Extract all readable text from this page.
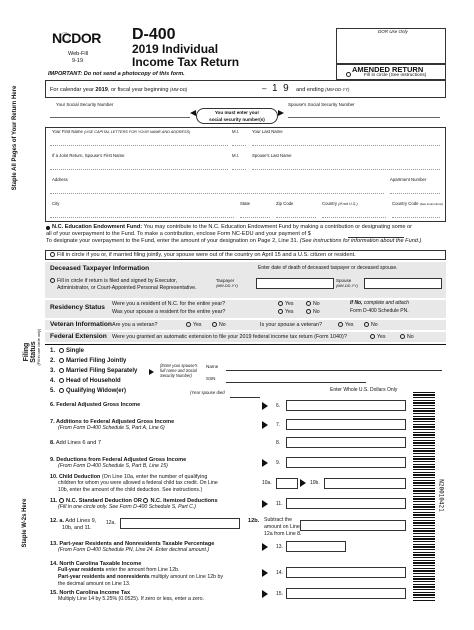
NCDOR
Web-Fill
9-19
D-400
2019 Individual
Income Tax Return
DOR Use Only
AMENDED RETURN
Fill in circle (See instructions)
IMPORTANT: Do not send a photocopy of this form.
Staple All Pages of Your Return Here
Staple W-2s Here
Filing Status (Fill in one circle only)
For calendar year 2019, or fiscal year beginning (MM-DD)	– 1  9 and ending (MM-DD-YY)
Your Social Security Number	Spouse's Social Security Number
You must enter your
social security number(s)
Your First Name (USE CAPITAL LETTERS FOR YOUR NAME AND ADDRESS)	M.I.	Your Last Name
If a Joint Return, Spouse's First Name	M.I.	Spouse's Last Name
Address	Apartment Number
City	State	Zip Code	Country (If not U.S.)	Country Code (See instructions)
N.C. Education Endowment Fund: You may contribute to the N.C. Education Endowment Fund by making a contribution or designating some or
all of your overpayment to the Fund. To make a contribution, enclose Form NC-EDU and your payment of $
To designate your overpayment to the Fund, enter the amount of your designation on Page 2, Line 31. (See instructions for information about the Fund.)
Fill in circle if you or, if married filing jointly, your spouse were out of the country on April 15 and a U.S. citizen or resident.
Deceased Taxpayer Information	Enter date of death of deceased taxpayer or deceased spouse.
Fill in circle if return is filed and signed by Executor,
Administrator, or Court-Appointed Personal Representative.
Taxpayer
(MM-DD-YY)
Spouse
(MM-DD-YY)
Residency Status Were you a resident of N.C. for the entire year?
Was your spouse a resident for the entire year?
Yes	No
Yes	No
If No, complete and attach
Form D-400 Schedule PN.
Veteran Information Are you a veteran?	Yes	No	Is your spouse a veteran?	Yes	No
Federal Extension Were you granted an automatic extension to file your 2019 federal income tax return (Form 1040)?	Yes	No
1. Single
2. Married Filing Jointly
3. Married Filing Separately
4. Head of Household
5. Qualifying Widow(er)
(Enter your spouse's
full name and Social
Security Number)
Name
SSN
(Year spouse died	Enter Whole U.S. Dollars Only
6. Federal Adjusted Gross Income	6.
7. Additions to Federal Adjusted Gross Income
(From Form D-400 Schedule S, Part A, Line 6)	7.
8. Add Lines 6 and 7	8.
9. Deductions from Federal Adjusted Gross Income
(From Form D-400 Schedule S, Part B, Line 15)	9.
10. Child Deduction (On Line 10a, enter the number of qualifying
children for whom you were allowed a federal child tax credit. On Line
10b, enter the amount of the child deduction. See instructions.)
10a.	10b.
11. N.C. Standard Deduction OR N.C. Itemized Deductions
(Fill in one circle only. See Form D-400 Schedule S, Part C.)	11.
12. a. Add Lines 9,
10b, and 11.
12a.	12b. Subtract the
amount on Line
12a from Line 8.
13. Part-year Residents and Nonresidents Taxable Percentage
(From Form D-400 Schedule PN, Line 24. Enter decimal amount.)	13.
14. North Carolina Taxable Income
Full-year residents enter the amount from Line 12b.
Part-year residents and nonresidents multiply amount on Line 12b by
the decimal amount on Line 13.
14.
15. North Carolina Income Tax
Multiply Line 14 by 5.25% (0.0525). If zero or less, enter a zero.
15.
N20010421
